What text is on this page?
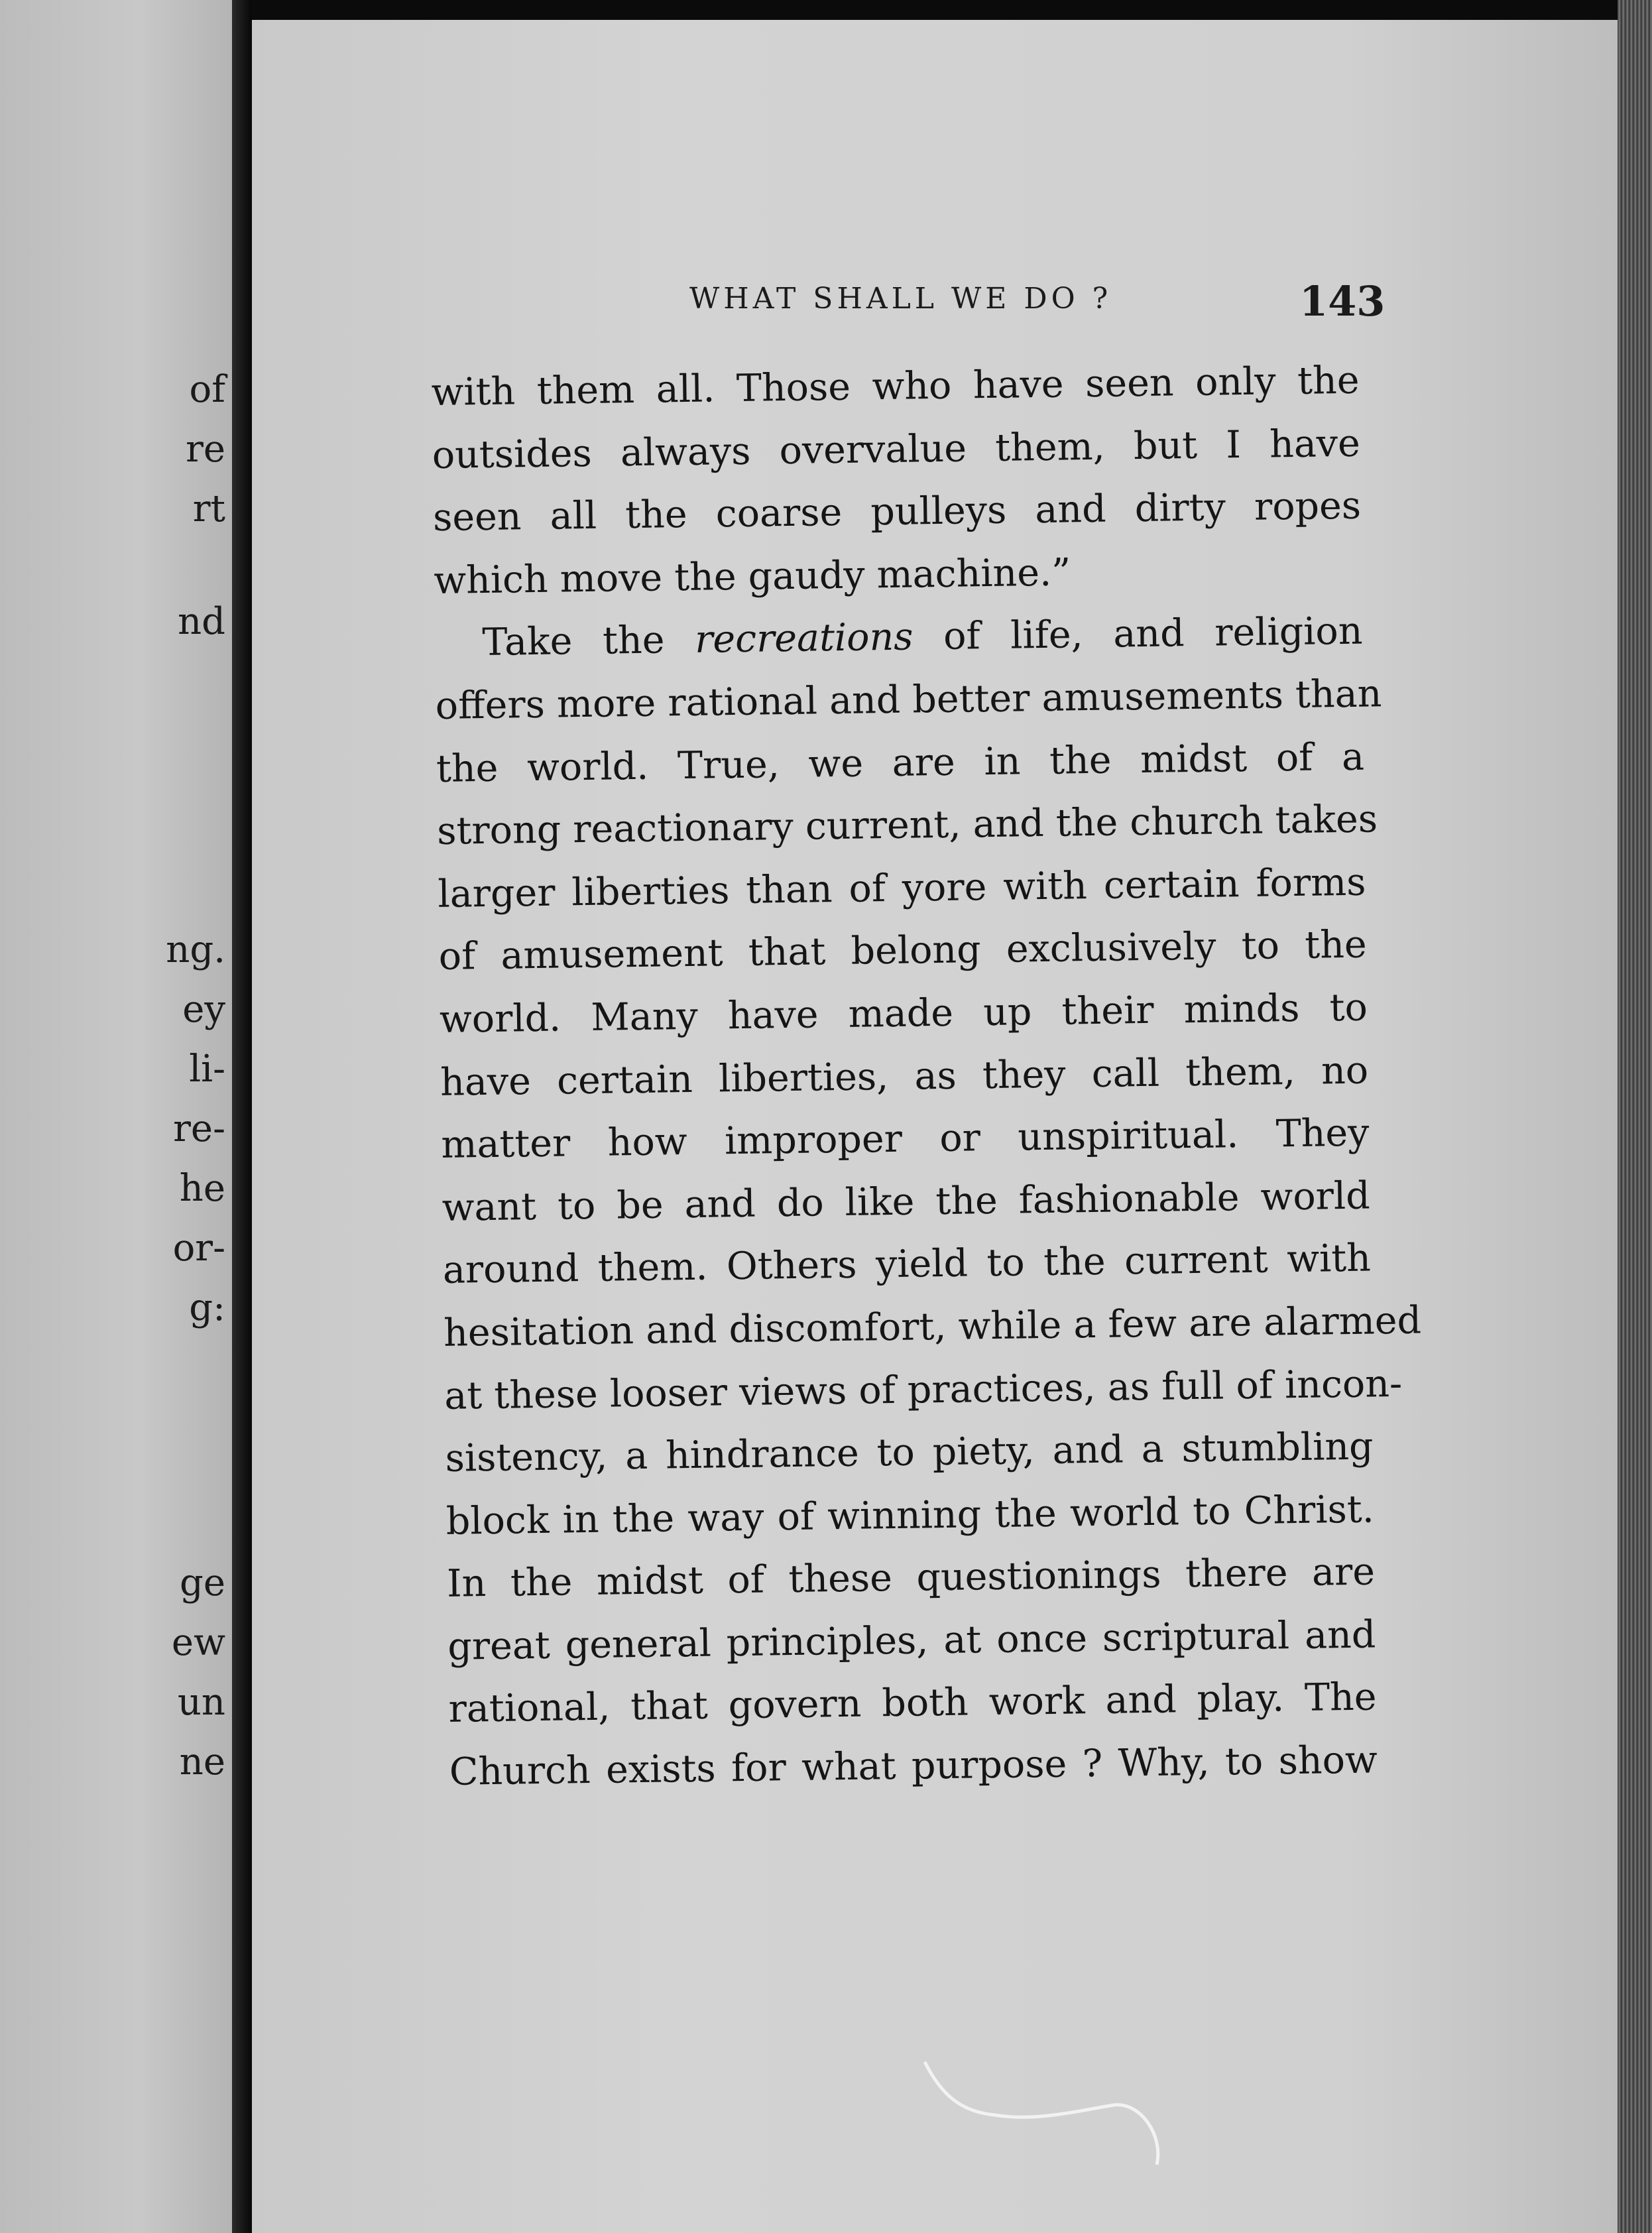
of
re
rt
nd
ng.
ey
li-
re-
he
or-
g:
ge
ew
un
ne
WHAT SHALL WE DO ?	143
with them all. Those who have seen only the
outsides always overvalue them, but I have
seen all the coarse pulleys and dirty ropes
which move the gaudy machine.”
Take the recreations of life, and religion
offers more rational and better amusements than
the world. True, we are in the midst of a
strong reactionary current, and the church takes
larger liberties than of yore with certain forms
of amusement that belong exclusively to the
world. Many have made up their minds to
have certain liberties, as they call them, no
matter how improper or unspiritual. They
want to be and do like the fashionable world
around them. Others yield to the current with
hesitation and discomfort, while a few are alarmed
at these looser views of practices, as full of incon-
sistency, a hindrance to piety, and a stumbling
block in the way of winning the world to Christ.
In the midst of these questionings there are
great general principles, at once scriptural and
rational, that govern both work and play. The
Church exists for what purpose ? Why, to show
